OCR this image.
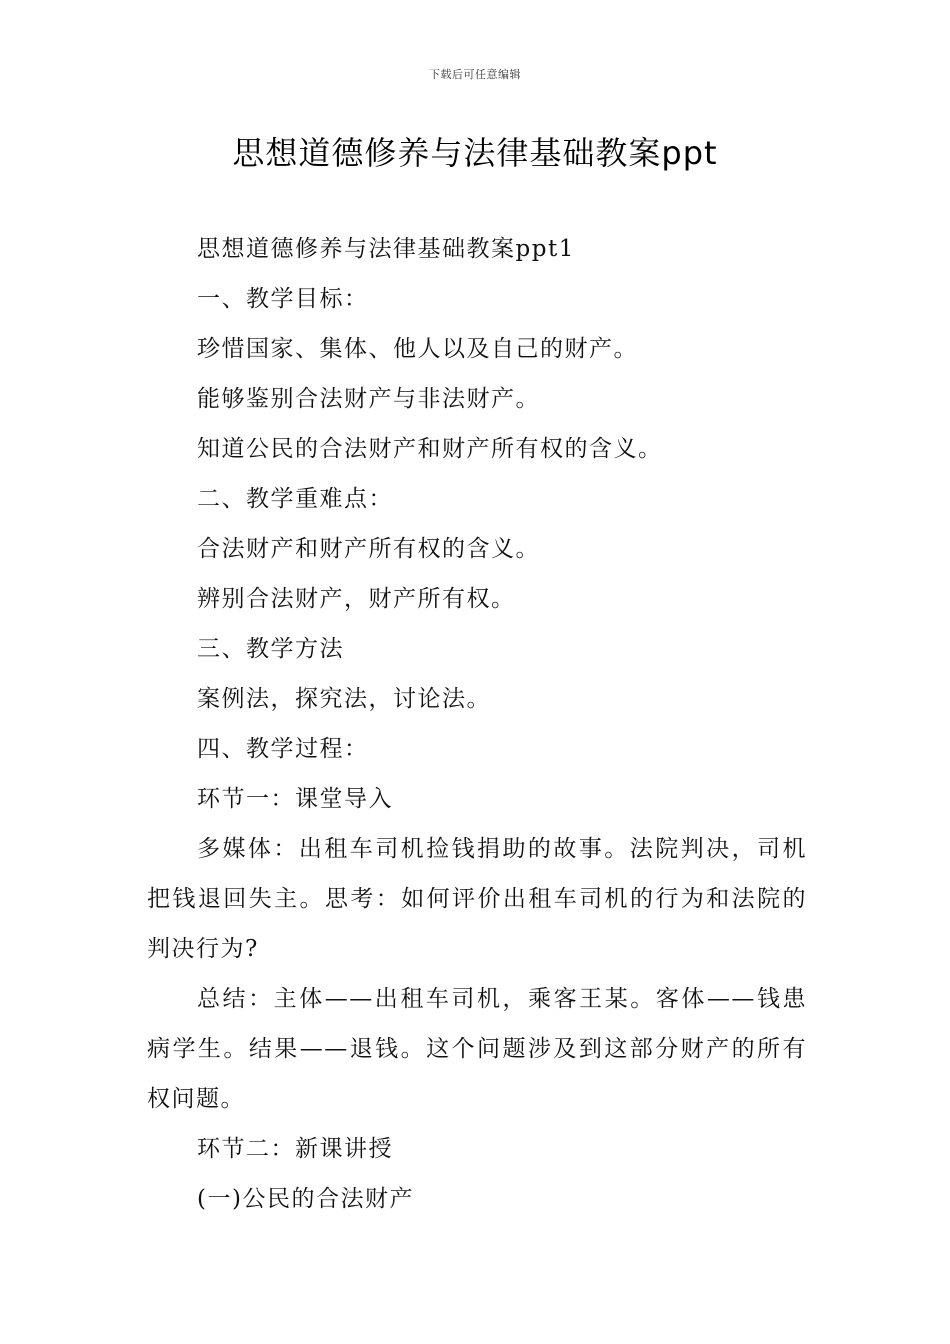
下载后可任意编辑
思想道德修养与法律基础教案ppt

思想道德修养与法律基础教案ppt1

一、教学目标：

珍惜国家、集体、他人以及自己的财产。

能够鉴别合法财产与非法财产。

知道公民的合法财产和财产所有权的含义。

二、教学重难点：

合法财产和财产所有权的含义。

辨别合法财产，财产所有权。

三、教学方法

案例法，探究法，讨论法。

四、教学过程：

环节一：课堂导入

多媒体：出租车司机捡钱捐助的故事。法院判决，司机把钱退回失主。思考：如何评价出租车司机的行为和法院的判决行为?

总结：主体——出租车司机，乘客王某。客体——钱患病学生。结果——退钱。这个问题涉及到这部分财产的所有权问题。

环节二：新课讲授

(一)公民的合法财产
